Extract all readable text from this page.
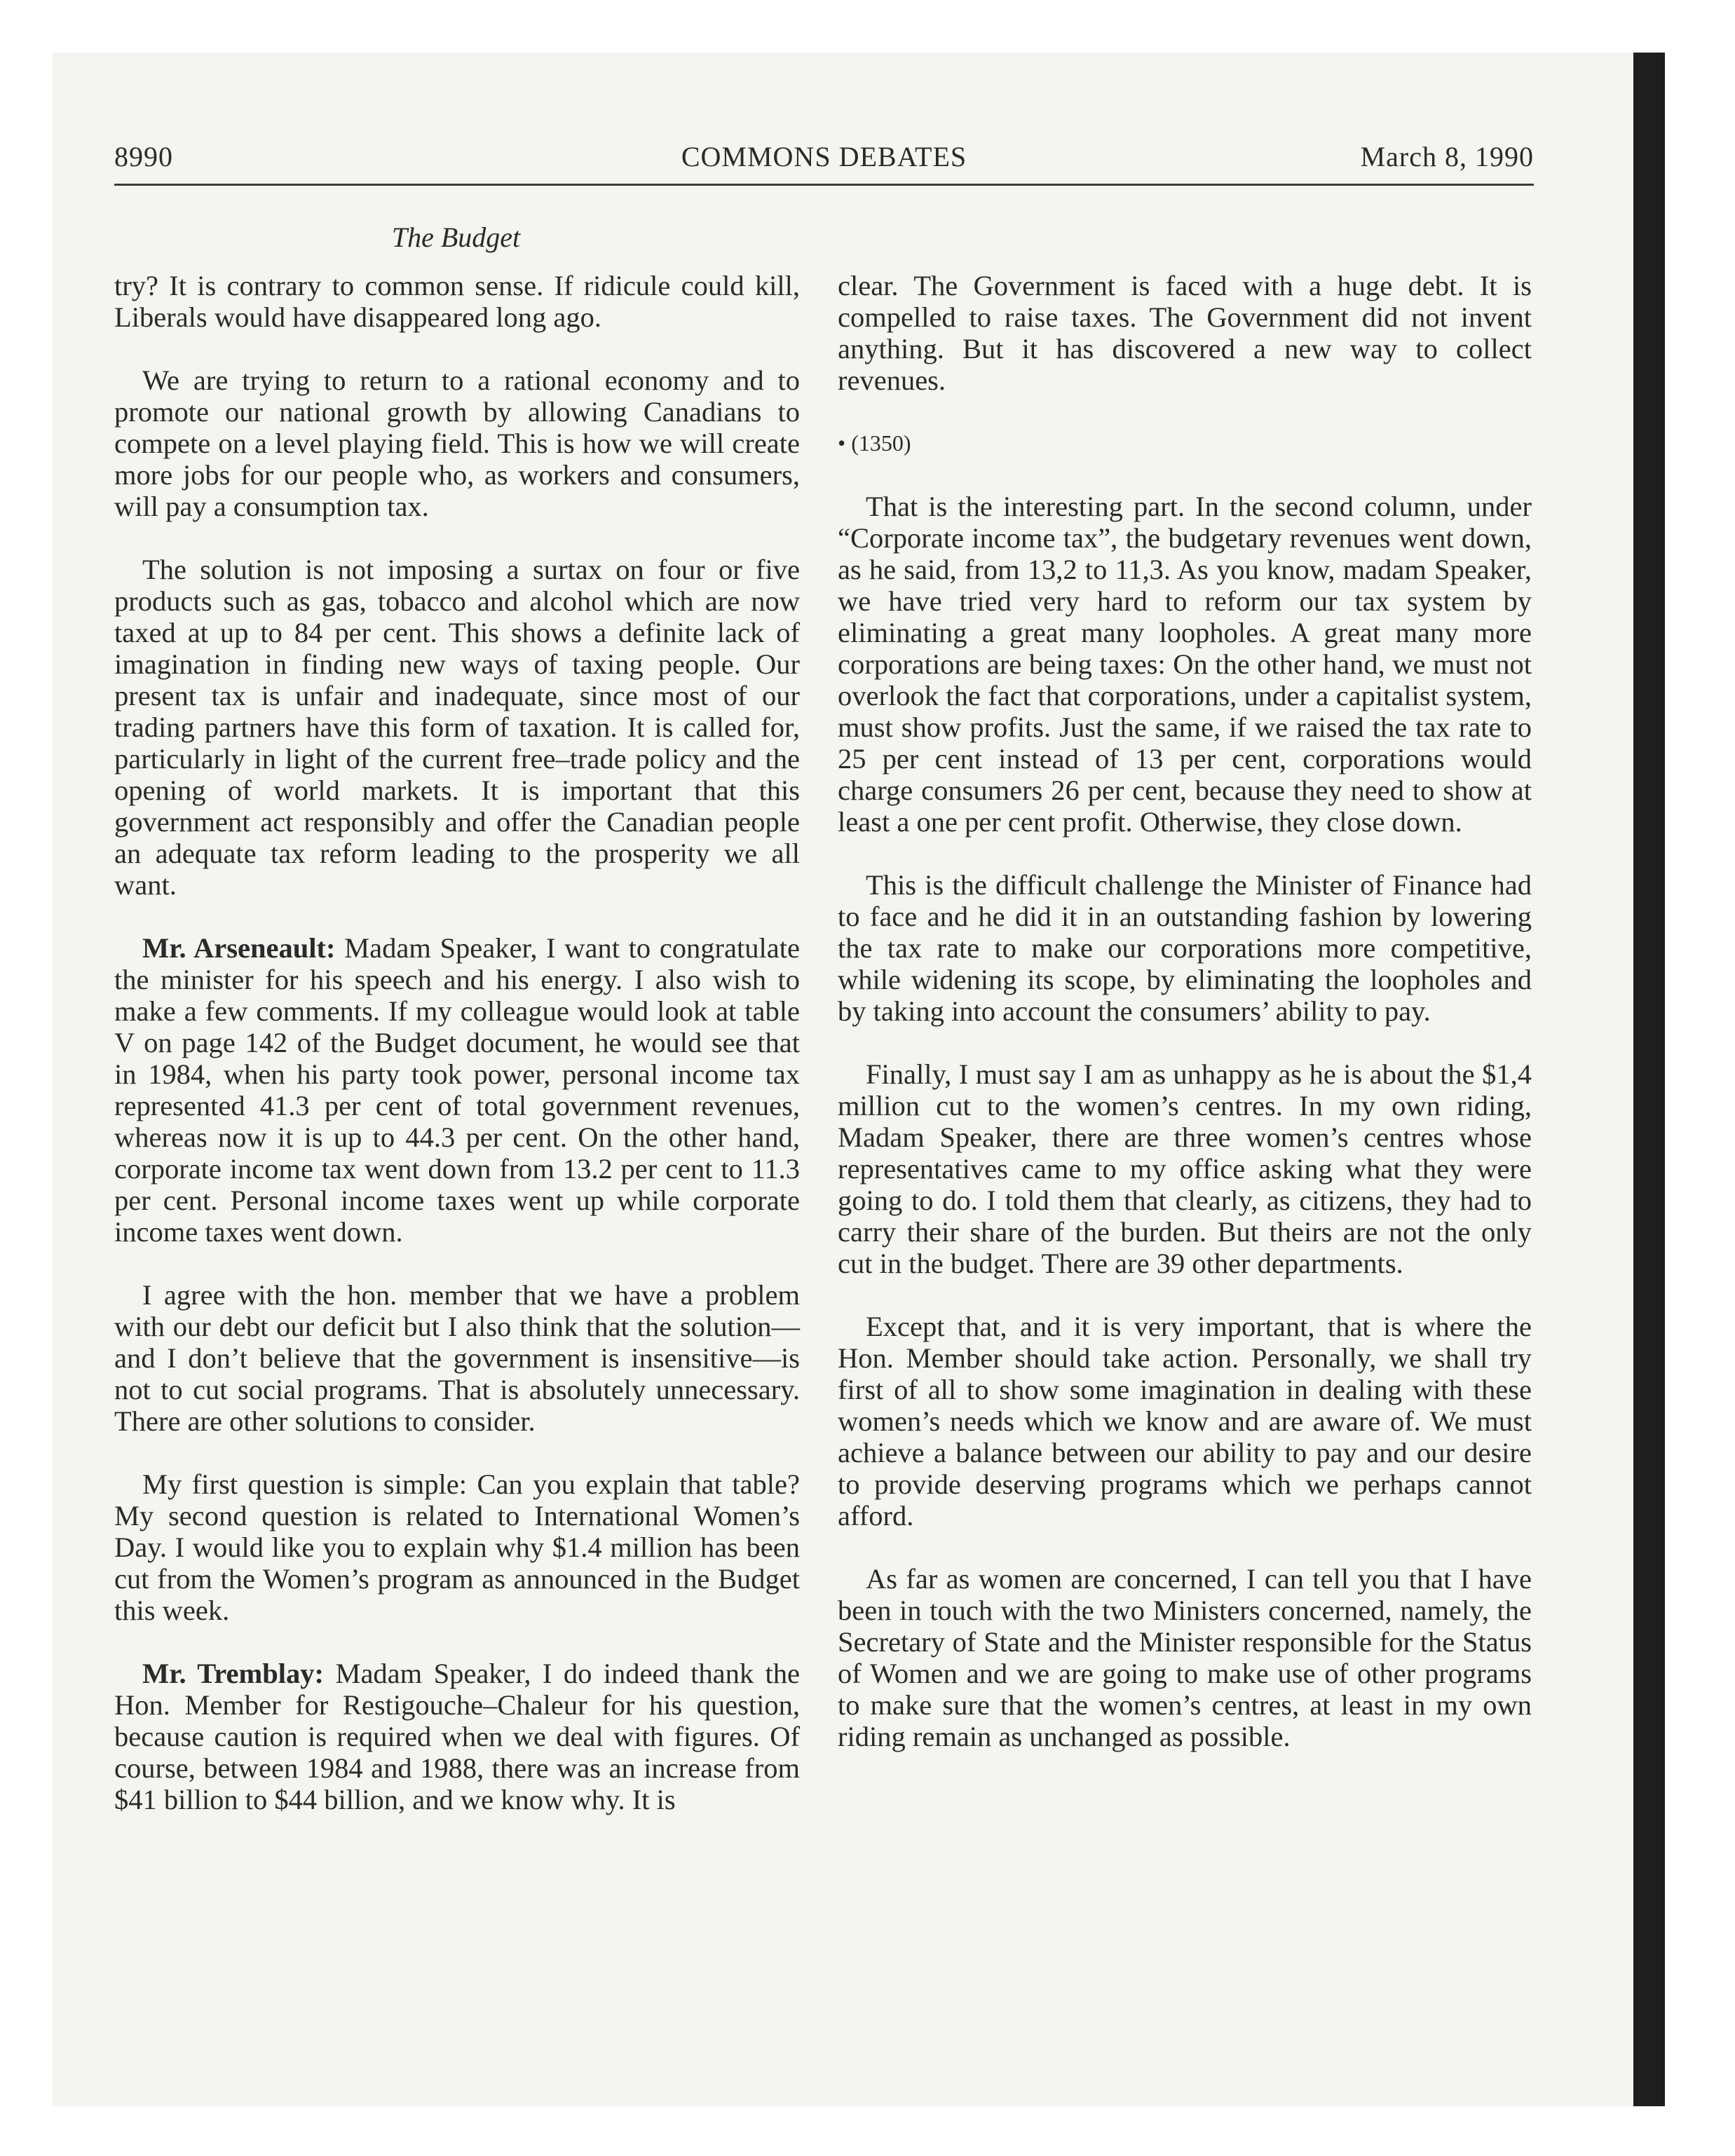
8990	COMMONS DEBATES	March 8, 1990
The Budget

try? It is contrary to common sense. If ridicule could kill, Liberals would have disappeared long ago.

We are trying to return to a rational economy and to promote our national growth by allowing Canadians to compete on a level playing field. This is how we will create more jobs for our people who, as workers and consumers, will pay a consumption tax.

The solution is not imposing a surtax on four or five products such as gas, tobacco and alcohol which are now taxed at up to 84 per cent. This shows a definite lack of imagination in finding new ways of taxing people. Our present tax is unfair and inadequate, since most of our trading partners have this form of taxation. It is called for, particularly in light of the current free–trade policy and the opening of world markets. It is important that this government act responsibly and offer the Canadian people an adequate tax reform leading to the prosperity we all want.

Mr. Arseneault: Madam Speaker, I want to congratulate the minister for his speech and his energy. I also wish to make a few comments. If my colleague would look at table V on page 142 of the Budget document, he would see that in 1984, when his party took power, personal income tax represented 41.3 per cent of total government revenues, whereas now it is up to 44.3 per cent. On the other hand, corporate income tax went down from 13.2 per cent to 11.3 per cent. Personal income taxes went up while corporate income taxes went down.

I agree with the hon. member that we have a problem with our debt our deficit but I also think that the solution—and I don’t believe that the government is insensitive—is not to cut social programs. That is absolutely unnecessary. There are other solutions to consider.

My first question is simple: Can you explain that table? My second question is related to International Women’s Day. I would like you to explain why $1.4 million has been cut from the Women’s program as announced in the Budget this week.

Mr. Tremblay: Madam Speaker, I do indeed thank the Hon. Member for Restigouche–Chaleur for his question, because caution is required when we deal with figures. Of course, between 1984 and 1988, there was an increase from $41 billion to $44 billion, and we know why. It is

clear. The Government is faced with a huge debt. It is compelled to raise taxes. The Government did not invent anything. But it has discovered a new way to collect revenues.

• (1350)

That is the interesting part. In the second column, under “Corporate income tax”, the budgetary revenues went down, as he said, from 13,2 to 11,3. As you know, madam Speaker, we have tried very hard to reform our tax system by eliminating a great many loopholes. A great many more corporations are being taxes: On the other hand, we must not overlook the fact that corporations, under a capitalist system, must show profits. Just the same, if we raised the tax rate to 25 per cent instead of 13 per cent, corporations would charge consumers 26 per cent, because they need to show at least a one per cent profit. Otherwise, they close down.

This is the difficult challenge the Minister of Finance had to face and he did it in an outstanding fashion by lowering the tax rate to make our corporations more competitive, while widening its scope, by eliminating the loopholes and by taking into account the consumers’ ability to pay.

Finally, I must say I am as unhappy as he is about the $1,4 million cut to the women’s centres. In my own riding, Madam Speaker, there are three women’s centres whose representatives came to my office asking what they were going to do. I told them that clearly, as citizens, they had to carry their share of the burden. But theirs are not the only cut in the budget. There are 39 other departments.

Except that, and it is very important, that is where the Hon. Member should take action. Personally, we shall try first of all to show some imagination in dealing with these women’s needs which we know and are aware of. We must achieve a balance between our ability to pay and our desire to provide deserving programs which we perhaps cannot afford.

As far as women are concerned, I can tell you that I have been in touch with the two Ministers concerned, namely, the Secretary of State and the Minister responsible for the Status of Women and we are going to make use of other programs to make sure that the women’s centres, at least in my own riding remain as unchanged as possible.
